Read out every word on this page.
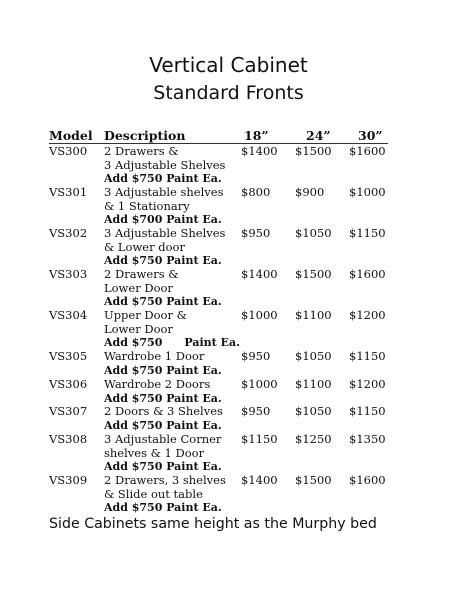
Vertical Cabinet
Standard Fronts
Model Description	18”	24” 30”
VS300 2 Drawers &
3 Adjustable Shelves
Add $750 Paint Ea.
$1400 $1500 $1600
VS301 3 Adjustable shelves
& 1 Stationary
Add $700 Paint Ea.
$800 $900 $1000
VS302 3 Adjustable Shelves
& Lower door
Add $750 Paint Ea.
$950 $1050 $1150
VS303 2 Drawers &
Lower Door
Add $750 Paint Ea.
$1400 $1500 $1600
VS304 Upper Door &
Lower Door
Add $750 Paint Ea.
$1000 $1100 $1200
VS305 Wardrobe 1 Door
Add $750 Paint Ea.
$950 $1050 $1150
VS306 Wardrobe 2 Doors
Add $750 Paint Ea.
$1000 $1100 $1200
VS307 2 Doors & 3 Shelves
Add $750 Paint Ea.
$950 $1050 $1150
VS308 3 Adjustable Corner
shelves & 1 Door
Add $750 Paint Ea.
$1150 $1250 $1350
VS309 2 Drawers, 3 shelves
& Slide out table
Add $750 Paint Ea.
$1400 $1500 $1600
Side Cabinets same height as the Murphy bed
